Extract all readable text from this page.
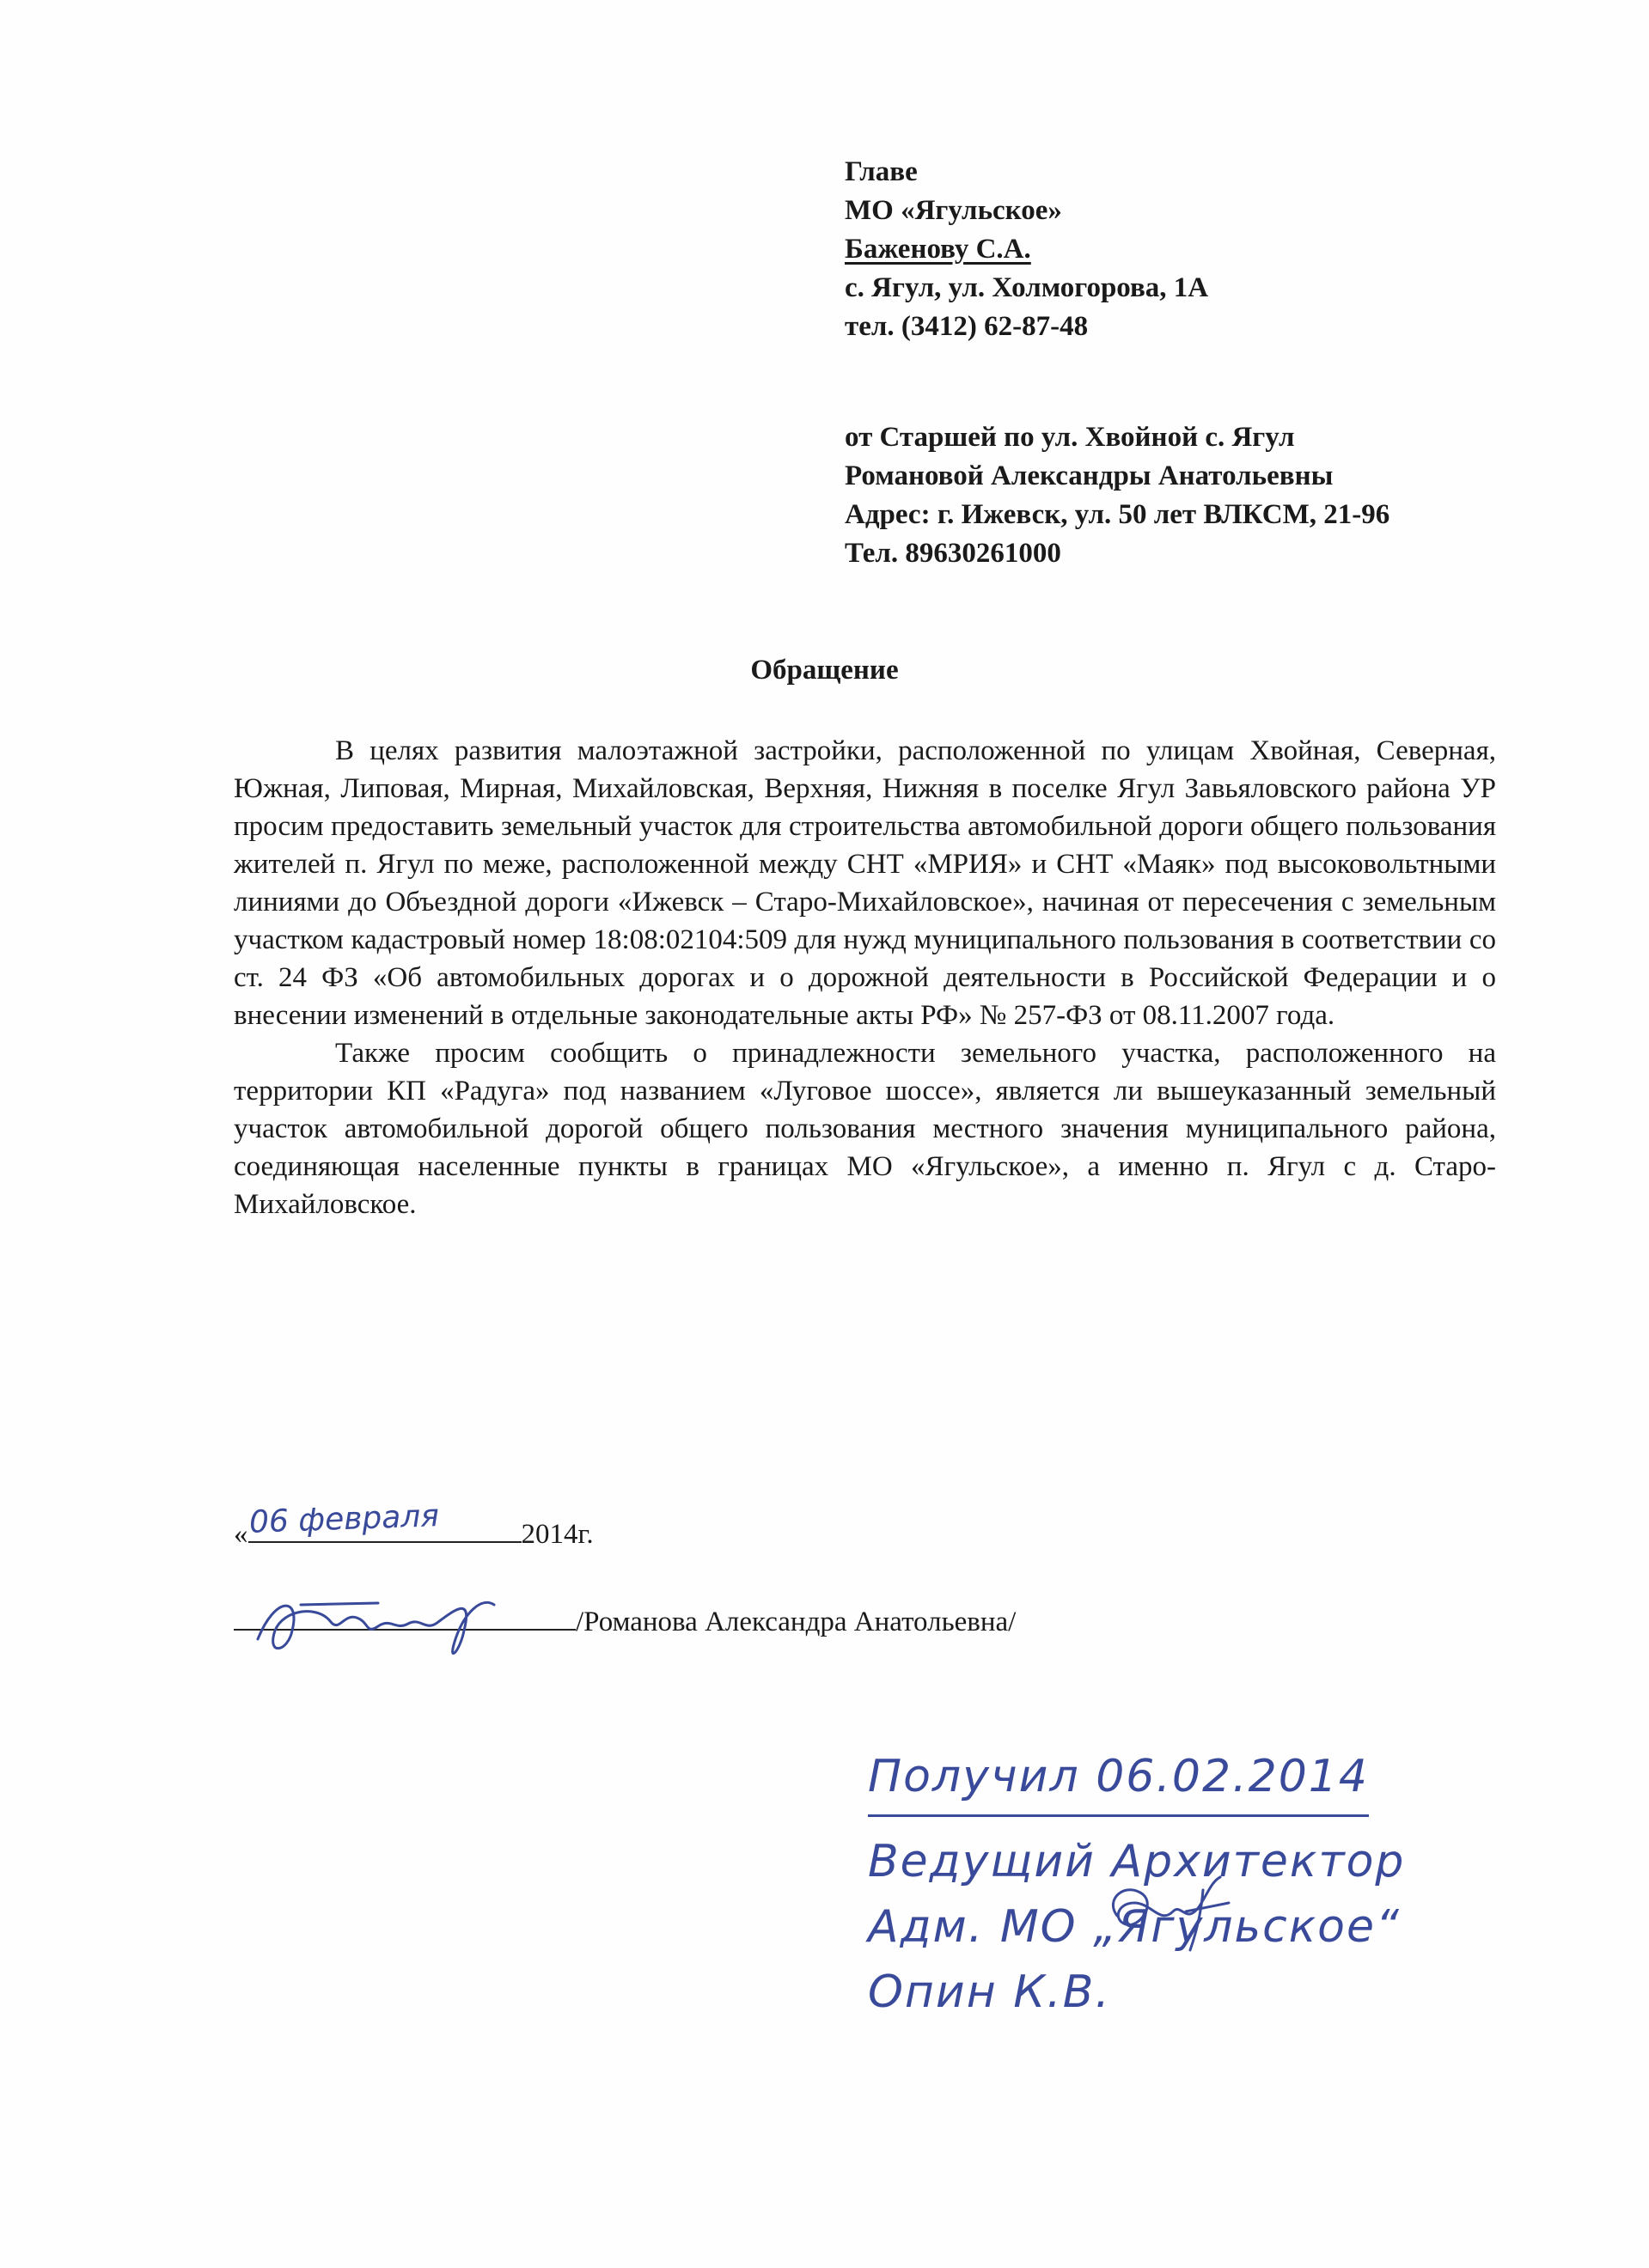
Главе
МО «Ягульское»
Баженову С.А.
с. Ягул, ул. Холмогорова, 1А
тел. (3412) 62-87-48
от Старшей по ул. Хвойной с. Ягул
Романовой Александры Анатольевны
Адрес: г. Ижевск, ул. 50 лет ВЛКСМ, 21-96
Тел. 89630261000
Обращение

В целях развития малоэтажной застройки, расположенной по улицам Хвойная, Северная, Южная, Липовая, Мирная, Михайловская, Верхняя, Нижняя в поселке Ягул Завьяловского района УР просим предоставить земельный участок для строительства автомобильной дороги общего пользования жителей п. Ягул по меже, расположенной между СНТ «МРИЯ» и СНТ «Маяк» под высоковольтными линиями до Объездной дороги «Ижевск – Старо-Михайловское», начиная от пересечения с земельным участком кадастровый номер 18:08:02104:509 для нужд муниципального пользования в соответствии со ст. 24 ФЗ «Об автомобильных дорогах и о дорожной деятельности в Российской Федерации и о внесении изменений в отдельные законодательные акты РФ» № 257-ФЗ от 08.11.2007 года.

Также просим сообщить о принадлежности земельного участка, расположенного на территории КП «Радуга» под названием «Луговое шоссе», является ли вышеуказанный земельный участок автомобильной дорогой общего пользования местного значения муниципального района, соединяющая населенные пункты в границах МО «Ягульское», а именно п. Ягул с д. Старо-Михайловское.

«	2014г.
06 февраля
/Романова Александра Анатольевна/
Получил 06.02.2014
Ведущий Архитектор
Адм. МО „Ягульское“
Опин К.В.
